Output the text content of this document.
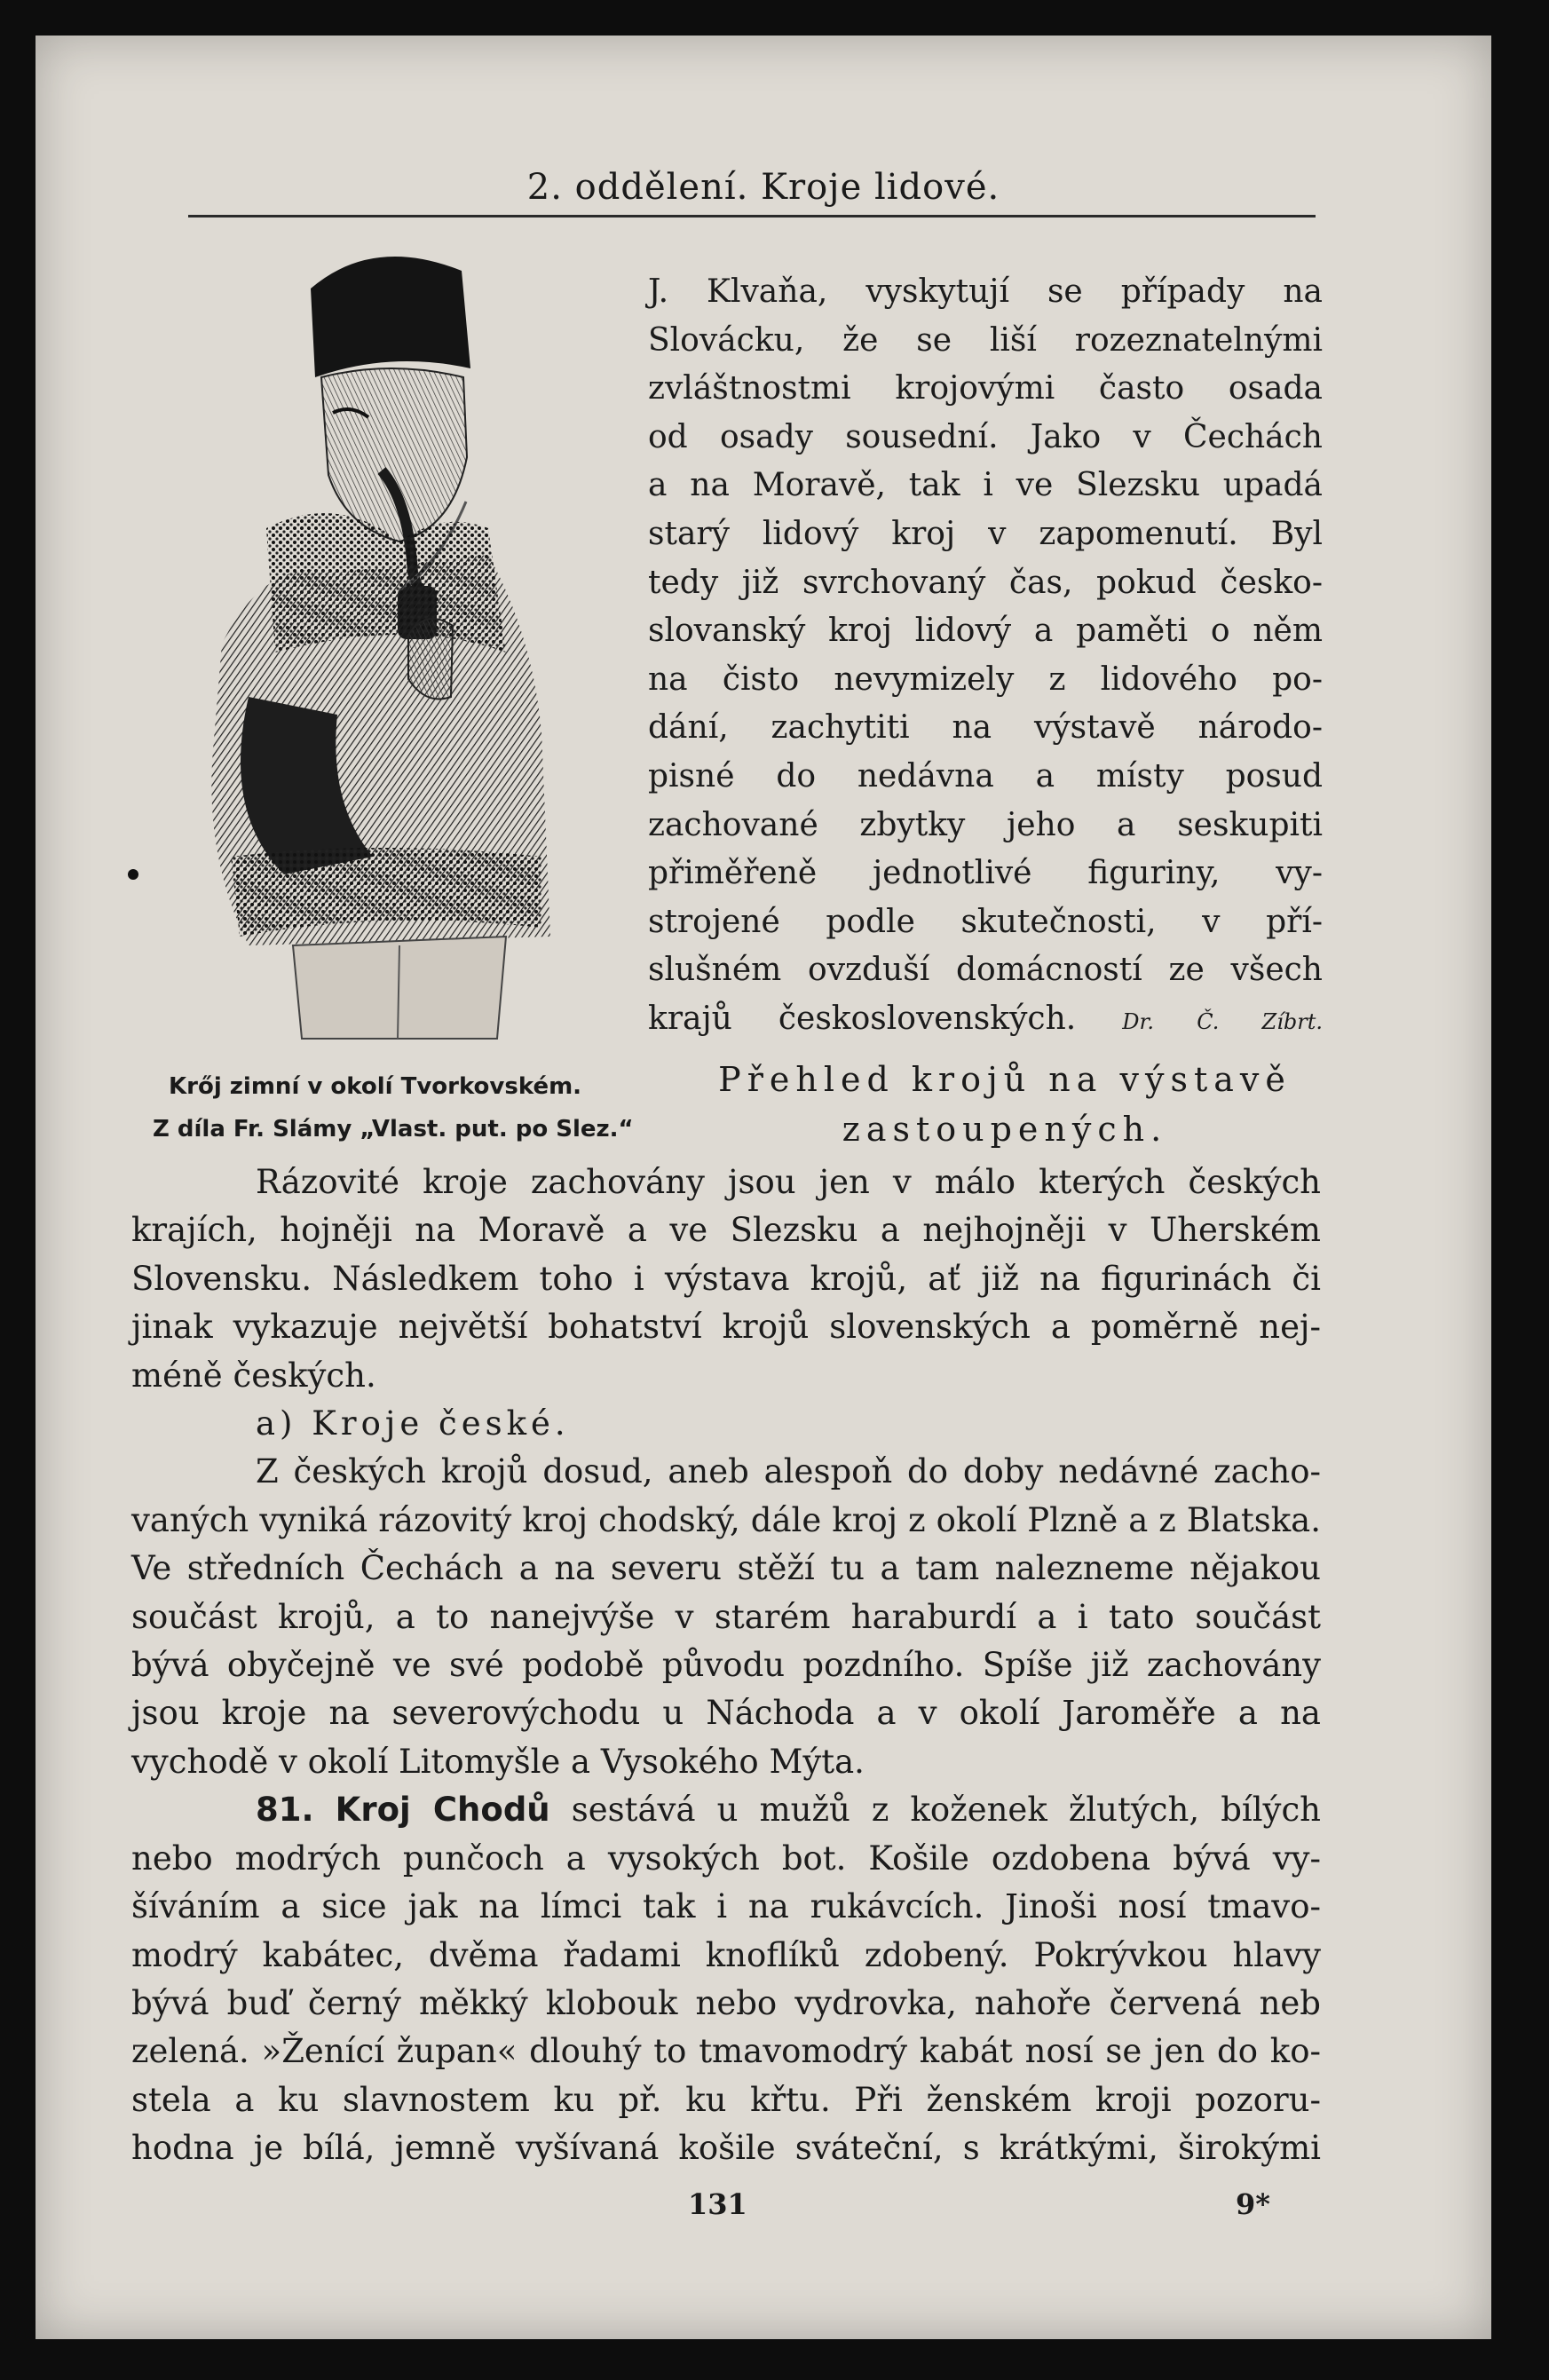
2. oddělení. Kroje lidové.
Krőj zimní v okolí Tvorkovském.
Z díla Fr. Slámy „Vlast. put. po Slez.“
J. Klvaňa, vyskytují se případy na
Slovácku, že se liší rozeznatelnými
zvláštnostmi krojovými často osada
od osady sousední. Jako v Čechách
a na Moravě, tak i ve Slezsku upadá
starý lidový kroj v zapomenutí. Byl
tedy již svrchovaný čas, pokud česko-
slovanský kroj lidový a paměti o něm
na čisto nevymizely z lidového po-
dání, zachytiti na výstavě národo-
pisné do nedávna a místy posud
zachované zbytky jeho a seskupiti
přiměřeně jednotlivé figuriny, vy-
strojené podle skutečnosti, v pří-
slušném ovzduší domácností ze všech
krajů československých. Dr. Č. Zíbrt.
Přehled krojů na výstavě
zastoupených.
Rázovité kroje zachovány jsou jen v málo kterých českých
krajích, hojněji na Moravě a ve Slezsku a nejhojněji v Uherském
Slovensku. Následkem toho i výstava krojů, ať již na figurinách či
jinak vykazuje největší bohatství krojů slovenských a poměrně nej-
méně českých.
a) Kroje české.
Z českých krojů dosud, aneb alespoň do doby nedávné zacho-
vaných vyniká rázovitý kroj chodský, dále kroj z okolí Plzně a z Blatska.
Ve středních Čechách a na severu stěží tu a tam nalezneme nějakou
součást krojů, a to nanejvýše v starém haraburdí a i tato součást
bývá obyčejně ve své podobě původu pozdního. Spíše již zachovány
jsou kroje na severovýchodu u Náchoda a v okolí Jaroměře a na
vychodě v okolí Litomyšle a Vysokého Mýta.
81. Kroj Chodů sestává u mužů z koženek žlutých, bílých
nebo modrých punčoch a vysokých bot. Košile ozdobena bývá vy-
šíváním a sice jak na límci tak i na rukávcích. Jinoši nosí tmavo-
modrý kabátec, dvěma řadami knoflíků zdobený. Pokrývkou hlavy
bývá buď černý měkký klobouk nebo vydrovka, nahoře červená neb
zelená. »Ženící župan« dlouhý to tmavomodrý kabát nosí se jen do ko-
stela a ku slavnostem ku př. ku křtu. Při ženském kroji pozoru-
hodna je bílá, jemně vyšívaná košile sváteční, s krátkými, širokými
131	9*
